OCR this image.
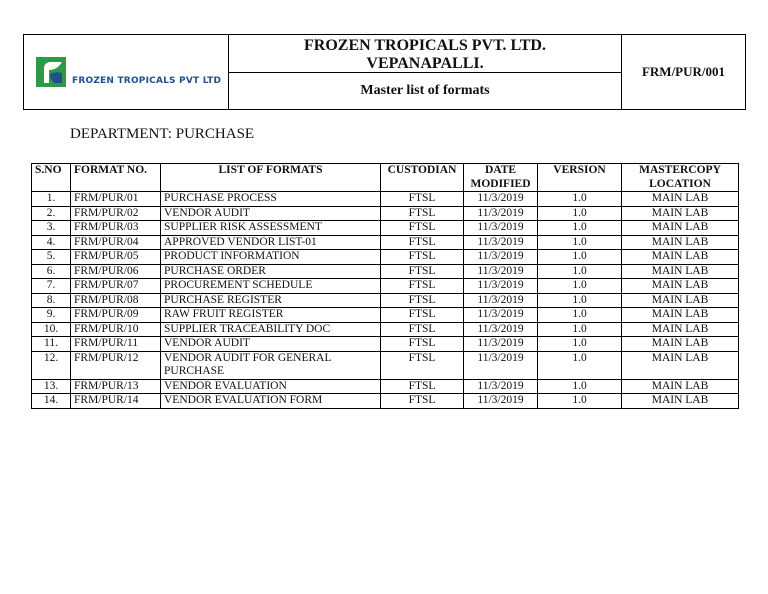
FROZEN TROPICALS PVT LTD

FROZEN TROPICALS PVT. LTD.
VEPANAPALLI.
Master list of formats
	FRM/PUR/001
DEPARTMENT: PURCHASE
S.NO	FORMAT NO.	LIST OF FORMATS	CUSTODIAN	DATE MODIFIED	VERSION	MASTERCOPY LOCATION
1.	FRM/PUR/01	PURCHASE PROCESS	FTSL	11/3/2019	1.0	MAIN LAB
2.	FRM/PUR/02	VENDOR AUDIT	FTSL	11/3/2019	1.0	MAIN LAB
3.	FRM/PUR/03	SUPPLIER RISK ASSESSMENT	FTSL	11/3/2019	1.0	MAIN LAB
4.	FRM/PUR/04	APPROVED VENDOR LIST-01	FTSL	11/3/2019	1.0	MAIN LAB
5.	FRM/PUR/05	PRODUCT INFORMATION	FTSL	11/3/2019	1.0	MAIN LAB
6.	FRM/PUR/06	PURCHASE ORDER	FTSL	11/3/2019	1.0	MAIN LAB
7.	FRM/PUR/07	PROCUREMENT SCHEDULE	FTSL	11/3/2019	1.0	MAIN LAB
8.	FRM/PUR/08	PURCHASE REGISTER	FTSL	11/3/2019	1.0	MAIN LAB
9.	FRM/PUR/09	RAW FRUIT REGISTER	FTSL	11/3/2019	1.0	MAIN LAB
10.	FRM/PUR/10	SUPPLIER TRACEABILITY DOC	FTSL	11/3/2019	1.0	MAIN LAB
11.	FRM/PUR/11	VENDOR AUDIT	FTSL	11/3/2019	1.0	MAIN LAB
12.	FRM/PUR/12	VENDOR AUDIT FOR GENERAL PURCHASE	FTSL	11/3/2019	1.0	MAIN LAB
13.	FRM/PUR/13	VENDOR EVALUATION	FTSL	11/3/2019	1.0	MAIN LAB
14.	FRM/PUR/14	VENDOR EVALUATION FORM	FTSL	11/3/2019	1.0	MAIN LAB
